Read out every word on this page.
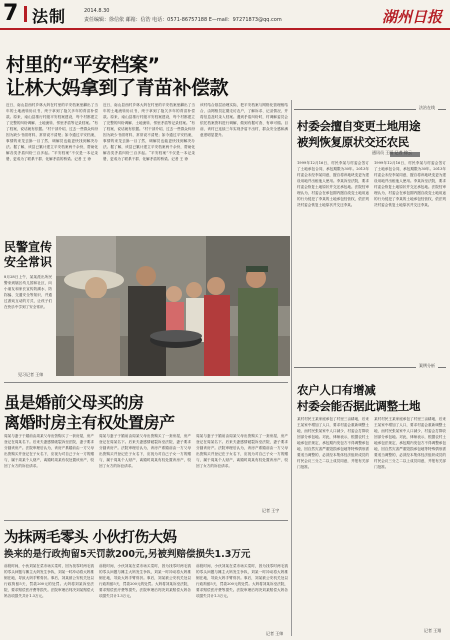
7 法制	2014.8.30
责任编辑：徐信依 邮箱：信浩 电话：0571-86757188 E—mail：97271873@qq.com	湖州日报
村里的“平安档案”
让林大妈拿到了青苗补偿款
近日，南山县西村乡林大妈在村里的平安档案里翻出了当年的土地流转协议书，终于拿到了拖欠多年的青苗补偿款。原来，南山县推行村级平安档案建设，每个村都建立了完整的纠纷调解、土地流转、邻里矛盾等记录档案。“有了档案，说话就有依据。”村干部介绍，过去一些群众纠纷因为缺少书面材料，常常说不清楚；如今通过平安档案，事情的来龙去脉一目了然，调解员也能更快找到解决办法。据了解，该县已累计建立平安档案两千余份，帮助化解各类矛盾纠纷三百多起。“平安档案”不仅是一本记录册，更成为了联系干群、化解矛盾的桥梁。记者 王 徐
近日，南山县西村乡林大妈在村里的平安档案里翻出了当年的土地流转协议书，终于拿到了拖欠多年的青苗补偿款。原来，南山县推行村级平安档案建设，每个村都建立了完整的纠纷调解、土地流转、邻里矛盾等记录档案。“有了档案，说话就有依据。”村干部介绍，过去一些群众纠纷因为缺少书面材料，常常说不清楚；如今通过平安档案，事情的来龙去脉一目了然，调解员也能更快找到解决办法。据了解，该县已累计建立平安档案两千余份，帮助化解各类矛盾纠纷三百多起。“平安档案”不仅是一本记录册，更成为了联系干群、化解矛盾的桥梁。记者 王 徐
该村结合基层治理实际，把平安档案与网格化管理相结合，由网格员定期走访农户，了解诉求、记录情况，并将信息及时录入档案。遇到矛盾纠纷时，村调解委员会依托档案资料进行调解，做到有据可查、有章可循。目前，该村已连续三年实现矛盾不出村，群众安全感和满意度明显提升。
民警宣传
安全常识
8月28日上午，某某派出所民警来到辖区幼儿园和社区，向小朋友和家长宣传防溺水、防拐骗、交通安全等知识，并通过游戏互动的方式，让孩子们在快乐中学到了安全常识。
见习记者 王帅
虽是婚前父母买的房
离婚时房主有权处置房产
周某与妻子于婚前由周某父母出资购买了一套房屋，房产登记在周某名下。后来夫妻感情破裂诉至法院，妻子要求分割该房产。法院审理后认为，该房产系婚前由一方父母出资购买并登记在子女名下，应视为对自己子女一方的赠与，属于周某个人财产，离婚时周某有权处置该房产，驳回了女方的诉讼请求。
周某与妻子于婚前由周某父母出资购买了一套房屋，房产登记在周某名下。后来夫妻感情破裂诉至法院，妻子要求分割该房产。法院审理后认为，该房产系婚前由一方父母出资购买并登记在子女名下，应视为对自己子女一方的赠与，属于周某个人财产，离婚时周某有权处置该房产，驳回了女方的诉讼请求。
周某与妻子于婚前由周某父母出资购买了一套房屋，房产登记在周某名下。后来夫妻感情破裂诉至法院，妻子要求分割该房产。法院审理后认为，该房产系婚前由一方父母出资购买并登记在子女名下，应视为对自己子女一方的赠与，属于周某个人财产，离婚时周某有权处置该房产，驳回了女方的诉讼请求。
记者 王宇
为抹两毛零头 小伙打伤大妈
换来的是行政拘留5天罚款200元,另被判赔偿损失1.3万元
前段时间，小伙刘某在菜市场买菜时，因为找零时两毛钱的零头问题与摊主大妈发生争执，刘某一时冲动将大妈推倒在地，导致大妈手臂骨折。事后，刘某被公安机关处以行政拘留5天，罚款200元的处罚。大妈将刘某诉至法院，要求赔偿医疗费等损失。法院审理后判决刘某赔偿大妈各项损失共计1.3万元。
前段时间，小伙刘某在菜市场买菜时，因为找零时两毛钱的零头问题与摊主大妈发生争执，刘某一时冲动将大妈推倒在地，导致大妈手臂骨折。事后，刘某被公安机关处以行政拘留5天，罚款200元的处罚。大妈将刘某诉至法院，要求赔偿医疗费等损失。法院审理后判决刘某赔偿大妈各项损失共计1.3万元。
前段时间，小伙刘某在菜市场买菜时，因为找零时两毛钱的零头问题与摊主大妈发生争执，刘某一时冲动将大妈推倒在地，导致大妈手臂骨折。事后，刘某被公安机关处以行政拘留5天，罚款200元的处罚。大妈将刘某诉至法院，要求赔偿医疗费等损失。法院审理后判决刘某赔偿大妈各项损失共计1.3万元。
记者 王帅
法治在线
村委会擅自变更土地用途
被判恢复原状交还农民
1999年12月16日，村民李某与村委会签订了土地承包合同，承包期限为30年。2013年村委会未经李某同意，擅自将该地块变更为建设用地并出租他人使用。李某诉至法院，要求村委会恢复土地原状并交还承包地。法院经审理认为，村委会在承包期内擅自改变土地用途的行为侵犯了李某的土地承包经营权，依法判决村委会恢复土地原状并交还李某。
通讯员 王丽 记者 徐云
1999年12月16日，村民李某与村委会签订了土地承包合同，承包期限为30年。2013年村委会未经李某同意，擅自将该地块变更为建设用地并出租他人使用。李某诉至法院，要求村委会恢复土地原状并交还承包地。法院经审理认为，村委会在承包期内擅自改变土地用途的行为侵犯了李某的土地承包经营权，依法判决村委会恢复土地原状并交还李某。
案例分析
农户人口有增减
村委会能否据此调整土地
某村村民王某家庭承包了村里三亩耕地，后来王某家中增加了人口，要求村委会重新调整土地，而村民张某家中人口减少，村委会打算收回部分承包地。对此，律师表示，根据农村土地承包法规定，承包期内发包方不得调整承包地，因自然灾害严重毁损承包地等特殊情形需要适当调整的，必须经本集体经济组织成员的村民会议三分之二以上成员同意，并报有关部门批准。
某村村民王某家庭承包了村里三亩耕地，后来王某家中增加了人口，要求村委会重新调整土地，而村民张某家中人口减少，村委会打算收回部分承包地。对此，律师表示，根据农村土地承包法规定，承包期内发包方不得调整承包地，因自然灾害严重毁损承包地等特殊情形需要适当调整的，必须经本集体经济组织成员的村民会议三分之二以上成员同意，并报有关部门批准。
记者 王翔
